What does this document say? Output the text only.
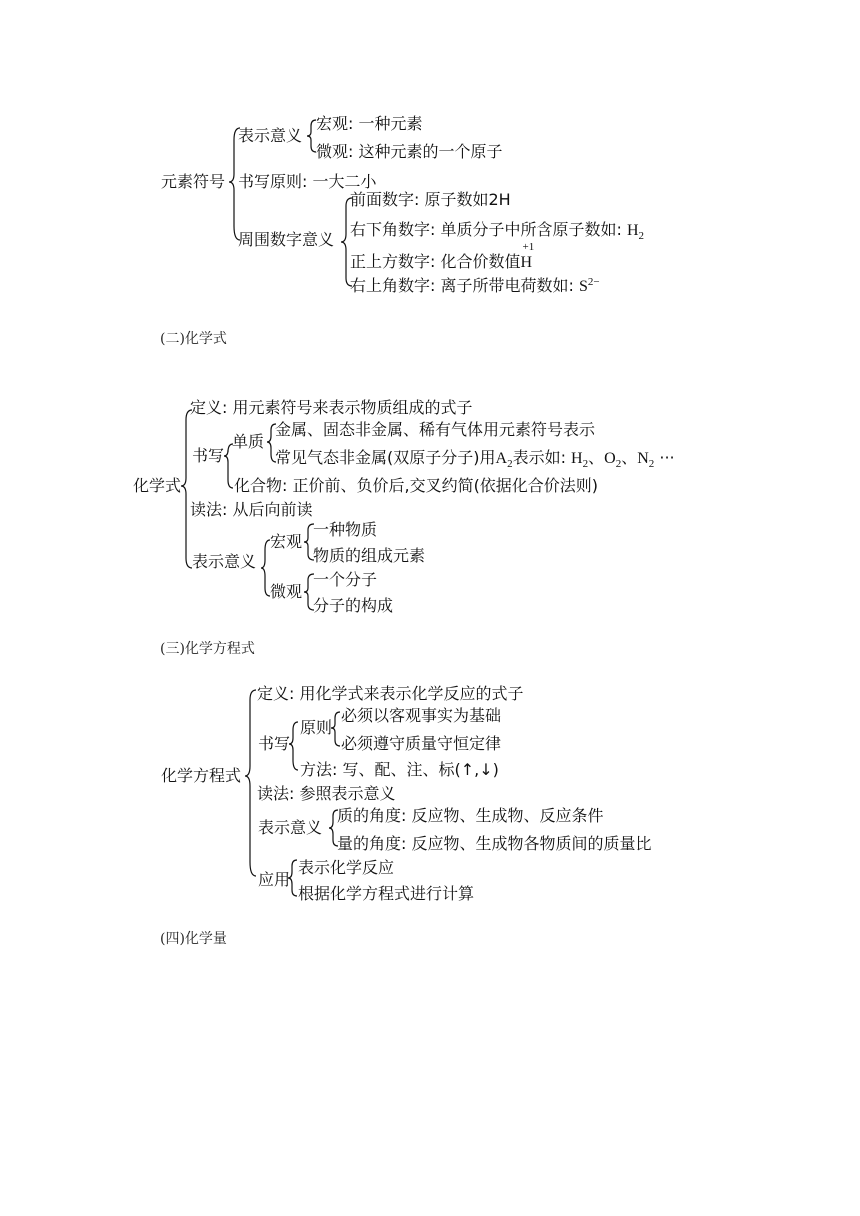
元素符号
表示意义
宏观: 一种元素
微观: 这种元素的一个原子
书写原则: 一大二小
周围数字意义
前面数字: 原子数如2H
右下角数字: 单质分子中所含原子数如: $H_2$
正上方数字: 化合价数值
+1
H
右上角数字: 离子所带电荷数如: $S^{2-}$
(二)化学式
化学式
定义: 用元素符号来表示物质组成的式子
书写
单质
金属、固态非金属、稀有气体用元素符号表示
常见气态非金属(双原子分子)用$A_2$表示如: $H_2$、$O_2$、$N_2$ ···
化合物: 正价前、负价后,交叉约简(依据化合价法则)
读法: 从后向前读
表示意义
宏观
一种物质
物质的组成元素
微观
一个分子
分子的构成
(三)化学方程式
化学方程式
定义: 用化学式来表示化学反应的式子
书写
原则
必须以客观事实为基础
必须遵守质量守恒定律
方法: 写、配、注、标(↑,↓)
读法: 参照表示意义
表示意义
质的角度: 反应物、生成物、反应条件
量的角度: 反应物、生成物各物质间的质量比
应用
表示化学反应
根据化学方程式进行计算
(四)化学量
